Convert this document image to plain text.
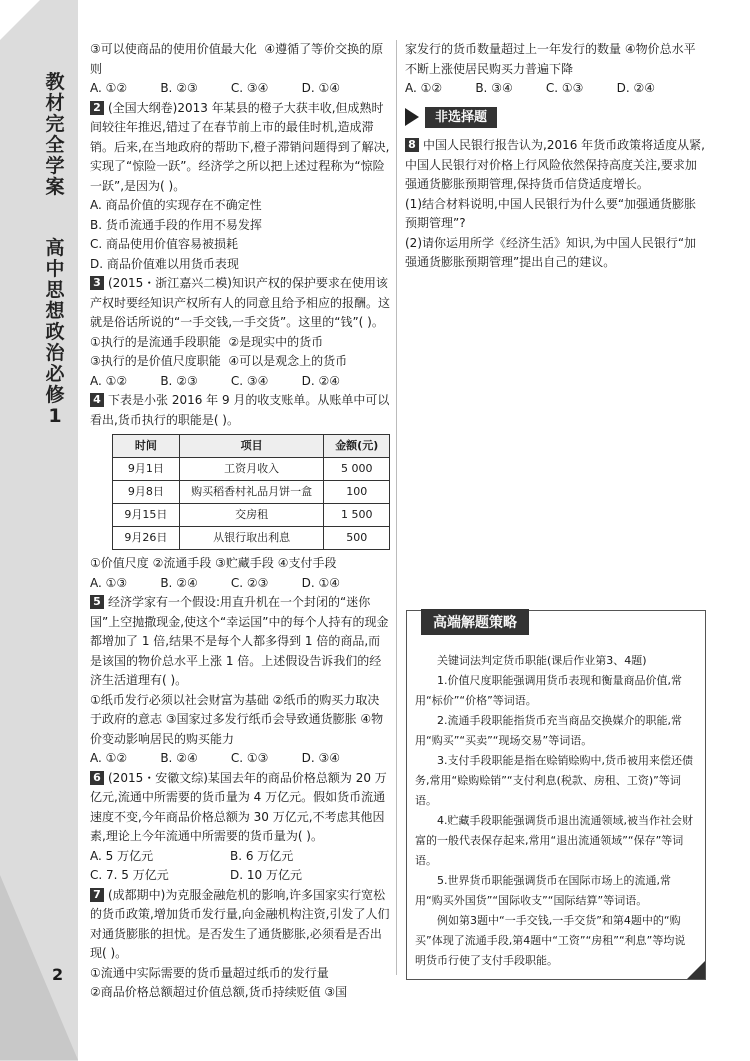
教材完全学案
高中思想政治 必修1
2

③可以使商品的使用价值最大化 ④遵循了等价交换的原则

A. ①②	B. ②③	C. ③④	D. ①④

2 (全国大纲卷)2013 年某县的橙子大获丰收,但成熟时间较往年推迟,错过了在春节前上市的最佳时机,造成滞销。后来,在当地政府的帮助下,橙子滞销问题得到了解决,实现了“惊险一跃”。经济学之所以把上述过程称为“惊险一跃”,是因为( )。

A. 商品价值的实现存在不确定性

B. 货币流通手段的作用不易发挥

C. 商品使用价值容易被损耗

D. 商品价值难以用货币表现

3 (2015・浙江嘉兴二模)知识产权的保护要求在使用该产权时要经知识产权所有人的同意且给予相应的报酬。这就是俗话所说的“一手交钱,一手交货”。这里的“钱”( )。

①执行的是流通手段职能 ②是现实中的货币

③执行的是价值尺度职能 ④可以是观念上的货币

A. ①②	B. ②③	C. ③④	D. ②④

4 下表是小张 2016 年 9 月的收支账单。从账单中可以看出,货币执行的职能是( )。

时间	项目	金额(元)
9月1日	工资月收入	5 000
9月8日	购买稻香村礼品月饼一盒	100
9月15日	交房租	1 500
9月26日	从银行取出利息	500

①价值尺度 ②流通手段 ③贮藏手段 ④支付手段

A. ①③	B. ②④	C. ②③	D. ①④

5 经济学家有一个假设:用直升机在一个封闭的“迷你国”上空抛撒现金,使这个“幸运国”中的每个人持有的现金都增加了 1 倍,结果不是每个人都多得到 1 倍的商品,而是该国的物价总水平上涨 1 倍。上述假设告诉我们的经济生活道理有( )。

①纸币发行必须以社会财富为基础 ②纸币的购买力取决于政府的意志 ③国家过多发行纸币会导致通货膨胀 ④物价变动影响居民的购买能力

A. ①②	B. ②④	C. ①③	D. ③④

6 (2015・安徽文综)某国去年的商品价格总额为 20 万亿元,流通中所需要的货币量为 4 万亿元。假如货币流通速度不变,今年商品价格总额为 30 万亿元,不考虑其他因素,理论上今年流通中所需要的货币量为( )。

A. 5 万亿元	B. 6 万亿元
C. 7. 5 万亿元	D. 10 万亿元

7 (成都期中)为克服金融危机的影响,许多国家实行宽松的货币政策,增加货币发行量,向金融机构注资,引发了人们对通货膨胀的担忧。是否发生了通货膨胀,必须看是否出现( )。

①流通中实际需要的货币量超过纸币的发行量

②商品价格总额超过价值总额,货币持续贬值 ③国

家发行的货币数量超过上一年发行的数量 ④物价总水平不断上涨使居民购买力普遍下降

A. ①②	B. ③④	C. ①③	D. ②④
非选择题

8 中国人民银行报告认为,2016 年货币政策将适度从紧,中国人民银行对价格上行风险依然保持高度关注,要求加强通货膨胀预期管理,保持货币信贷适度增长。

(1)结合材料说明,中国人民银行为什么要“加强通货膨胀预期管理”?

(2)请你运用所学《经济生活》知识,为中国人民银行“加强通货膨胀预期管理”提出自己的建议。

高端解题策略

关键词法判定货币职能(课后作业第3、4题)

1.价值尺度职能强调用货币表现和衡量商品价值,常用“标价”“价格”等词语。

2.流通手段职能指货币充当商品交换媒介的职能,常用“购买”“买卖”“现场交易”等词语。

3.支付手段职能是指在赊销赊购中,货币被用来偿还债务,常用“赊购赊销”“支付利息(税款、房租、工资)”等词语。

4.贮藏手段职能强调货币退出流通领域,被当作社会财富的一般代表保存起来,常用“退出流通领域”“保存”等词语。

5.世界货币职能强调货币在国际市场上的流通,常用“购买外国货”“国际收支”“国际结算”等词语。

例如第3题中“一手交钱,一手交货”和第4题中的“购买”体现了流通手段,第4题中“工资”“房租”“利息”等均说明货币行使了支付手段职能。
